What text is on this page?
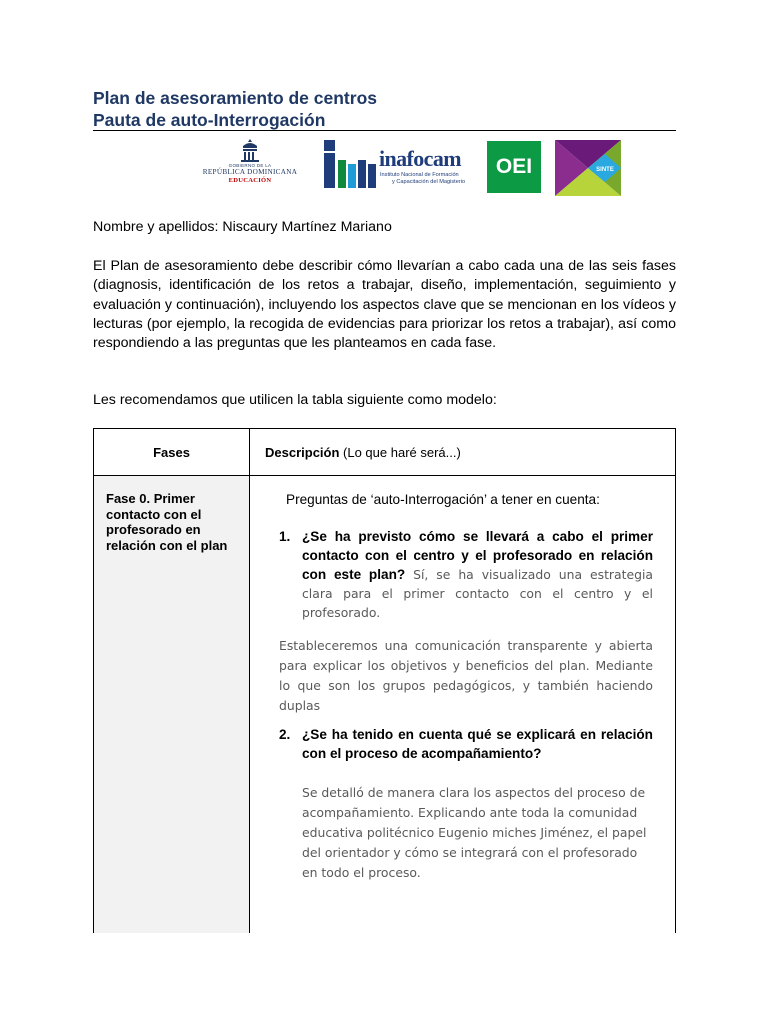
Plan de asesoramiento de centros
Pauta de auto-Interrogación
GOBIERNO DE LA
REPÚBLICA DOMINICANA
EDUCACIÓN
inafocam
Instituto Nacional de Formación
y Capacitación del Magisterio
OEI	SINTE

Nombre y apellidos: Niscaury Martínez Mariano

El Plan de asesoramiento debe describir cómo llevarían a cabo cada una de las seis fases (diagnosis, identificación de los retos a trabajar, diseño, implementación, seguimiento y evaluación y continuación), incluyendo los aspectos clave que se mencionan en los vídeos y lecturas (por ejemplo, la recogida de evidencias para priorizar los retos a trabajar), así como respondiendo a las preguntas que les planteamos en cada fase.

Les recomendamos que utilicen la tabla siguiente como modelo:

Fases	Descripción (Lo que haré será...)
Fase 0. Primer contacto con el profesorado en relación con el plan
Preguntas de ‘auto-Interrogación’ a tener en cuenta:
1. ¿Se ha previsto cómo se llevará a cabo el primer contacto con el centro y el profesorado en relación con este plan? Sí, se ha visualizado una estrategia clara para el primer contacto con el centro y el profesorado.
Estableceremos una comunicación transparente y abierta para explicar los objetivos y beneficios del plan. Mediante lo que son los grupos pedagógicos, y también haciendo duplas
2. ¿Se ha tenido en cuenta qué se explicará en relación con el proceso de acompañamiento?
Se detalló de manera clara los aspectos del proceso de acompañamiento. Explicando ante toda la comunidad educativa politécnico Eugenio miches Jiménez, el papel del orientador y cómo se integrará con el profesorado en todo el proceso.
